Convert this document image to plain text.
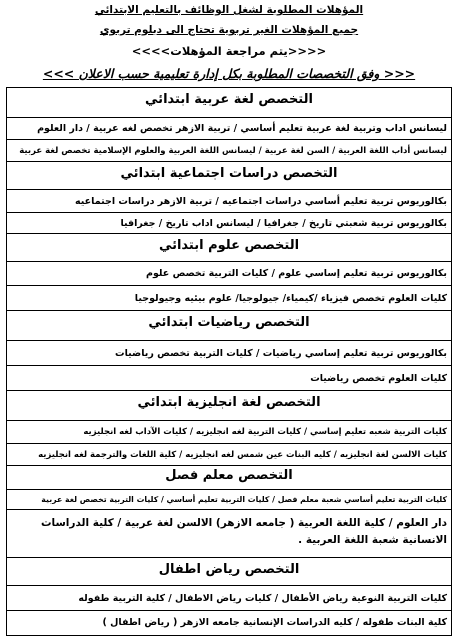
المؤهلات المطلوبة لشغل الوظائف بالتعليم الابتدائي
جميع المؤهلات الغير تربوية تحتاج الى دبلوم تربوي
<<<<يتم مراجعة المؤهلات>>>>
<<< وفق التخصصات المطلوبة بكل إدارة تعليمية حسب الاعلان >>>
التخصص لغة عربية ابتدائي
ليسانس اداب وتربية لغة عربية تعليم أساسي / تربية الازهر تخصص لغه عربية / دار العلوم
ليسانس أداب اللغة العربية / السن لغة عربية / ليسانس اللغة العربية والعلوم الإسلامية تخصص لغة عربية
التخصص دراسات اجتماعية ابتدائي
بكالوريوس تربية تعليم أساسي دراسات اجتماعيه / تربية الازهر دراسات اجتماعيه
بكالوريوس تربية شعبتي تاريخ / جغرافيا / ليسانس اداب تاريخ / جغرافيا
التخصص علوم ابتدائي
بكالوريوس تربية تعليم إساسي علوم / كليات التربية تخصص علوم
كليات العلوم تخصص فيزياء /كيمياء/ جيولوجيا/ علوم بيئيه وجيولوجيا
التخصص رياضيات ابتدائي
بكالوريوس تربية تعليم إساسي رياضيات / كليات التربية تخصص رياضيات
كليات العلوم تخصص رياضيات
التخصص لغة انجليزية ابتدائي
كليات التربية شعبه تعليم إساسي / كليات التربية لغه انجليزيه / كليات الآداب لغه انجليزيه
كليات الالسن لغة انجليزيه / كليه البنات عين شمس لغه انجليزيه / كلية اللغات والترجمة لغه انجليزيه
التخصص معلم فصل
كليات التربية تعليم أساسي شعبة معلم فصل / كليات التربية تعليم أساسي / كليات التربية تخصص لغة عربية
دار العلوم / كلية اللغة العربية ( جامعه الازهر) الالسن لغة عربية / كلية الدراسات الانسانية شعبة اللغة العربية .
التخصص رياض اطفال
كليات التربية النوعية رياض الأطفال / كليات رياض الاطفال / كلية التربية طفوله
كلية البنات طفوله / كليه الدراسات الإنسانية جامعه الازهر ( رياض اطفال )
